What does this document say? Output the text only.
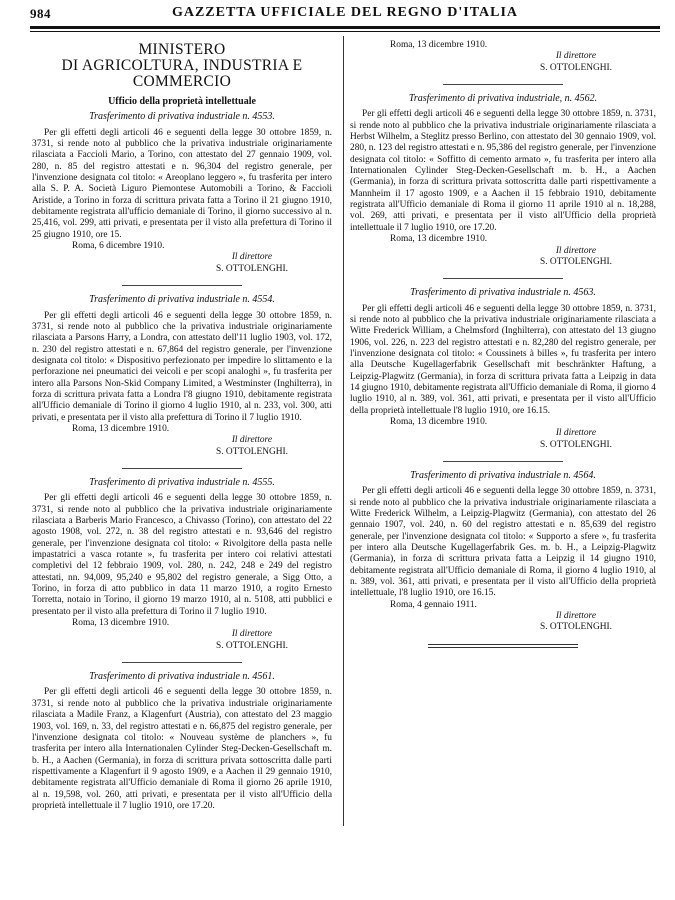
984	GAZZETTA UFFICIALE DEL REGNO D'ITALIA
MINISTERO
DI AGRICOLTURA, INDUSTRIA E COMMERCIO
Ufficio della proprietà intellettuale
Trasferimento di privativa industriale n. 4553.

Per gli effetti degli articoli 46 e seguenti della legge 30 ottobre 1859, n. 3731, si rende noto al pubblico che la privativa industriale originariamente rilasciata a Faccioli Mario, a Torino, con attestato del 27 gennaio 1909, vol. 280, n. 85 del registro attestati e n. 96,304 del registro generale, per l'invenzione designata col titolo: « Areoplano leggero », fu trasferita per intero alla S. P. A. Società Liguro Piemontese Automobili a Torino, & Faccioli Aristide, a Torino in forza di scrittura privata fatta a Torino il 21 giugno 1910, debitamente registrata all'ufficio demaniale di Torino, il giorno successivo al n. 25,416, vol. 299, atti privati, e presentata per il visto alla prefettura di Torino il 25 giugno 1910, ore 15.

Roma, 6 dicembre 1910.

Il direttore
S. OTTOLENGHI.
Trasferimento di privativa industriale n. 4554.

Per gli effetti degli articoli 46 e seguenti della legge 30 ottobre 1859, n. 3731, si rende noto al pubblico che la privativa industriale originariamente rilasciata a Parsons Harry, a Londra, con attestato dell'11 luglio 1903, vol. 172, n. 230 del registro attestati e n. 67,864 del registro generale, per l'invenzione designata col titolo: « Dispositivo perfezionato per impedire lo slittamento e la perforazione nei pneumatici dei veicoli e per scopi analoghi », fu trasferita per intero alla Parsons Non-Skid Company Limited, a Westminster (Inghilterra), in forza di scrittura privata fatta a Londra l'8 giugno 1910, debitamente registrata all'Ufficio demaniale di Torino il giorno 4 luglio 1910, al n. 233, vol. 300, atti privati, e presentata per il visto alla prefettura di Torino il 7 luglio 1910.

Roma, 13 dicembre 1910.

Il direttore
S. OTTOLENGHI.
Trasferimento di privativa industriale n. 4555.

Per gli effetti degli articoli 46 e seguenti della legge 30 ottobre 1859, n. 3731, si rende noto al pubblico che la privativa industriale originariamente rilasciata a Barberis Mario Francesco, a Chivasso (Torino), con attestato del 22 agosto 1908, vol. 272, n. 38 del registro attestati e n. 93,646 del registro generale, per l'invenzione designata col titolo: « Rivolgitore della pasta nelle impastatrici a vasca rotante », fu trasferita per intero coi relativi attestati completivi del 12 febbraio 1909, vol. 280, n. 242, 248 e 249 del registro attestati, nn. 94,009, 95,240 e 95,802 del registro generale, a Sigg Otto, a Torino, in forza di atto pubblico in data 11 marzo 1910, a rogito Ernesto Torretta, notaio in Torino, il giorno 19 marzo 1910, al n. 5108, atti pubblici e presentato per il visto alla prefettura di Torino il 7 luglio 1910.

Roma, 13 dicembre 1910.

Il direttore
S. OTTOLENGHI.
Trasferimento di privativa industriale n. 4561.

Per gli effetti degli articoli 46 e seguenti della legge 30 ottobre 1859, n. 3731, si rende noto al pubblico che la privativa industriale originariamente rilasciata a Madile Franz, a Klagenfurt (Austria), con attestato del 23 maggio 1903, vol. 169, n. 33, del registro attestati e n. 66,875 del registro generale, per l'invenzione designata col titolo: « Nouveau système de planchers », fu trasferita per intero alla Internationalen Cylinder Steg-Decken-Gesellschaft m. b. H., a Aachen (Germania), in forza di scrittura privata sottoscritta dalle parti rispettivamente a Klagenfurt il 9 agosto 1909, e a Aachen il 29 gennaio 1910, debitamente registrata all'Ufficio demaniale di Roma il giorno 26 aprile 1910, al n. 19,598, vol. 260, atti privati, e presentata per il visto all'Ufficio della proprietà intellettuale il 7 luglio 1910, ore 17.20.

Roma, 13 dicembre 1910.

Il direttore
S. OTTOLENGHI.
Trasferimento di privativa industriale, n. 4562.

Per gli effetti degli articoli 46 e seguenti della legge 30 ottobre 1859, n. 3731, si rende noto al pubblico che la privativa industriale originariamente rilasciata a Herbst Wilhelm, a Steglitz presso Berlino, con attestato del 30 gennaio 1909, vol. 280, n. 123 del registro attestati e n. 95,386 del registro generale, per l'invenzione designata col titolo: « Soffitto di cemento armato », fu trasferita per intero alla Internationalen Cylinder Steg-Decken-Gesellschaft m. b. H., a Aachen (Germania), in forza di scrittura privata sottoscritta dalle parti rispettivamente a Mannheim il 17 agosto 1909, e a Aachen il 15 febbraio 1910, debitamente registrata all'Ufficio demaniale di Roma il giorno 11 aprile 1910 al n. 18,288, vol. 269, atti privati, e presentata per il visto all'Ufficio della proprietà intellettuale il 7 luglio 1910, ore 17.20.

Roma, 13 dicembre 1910.

Il direttore
S. OTTOLENGHI.
Trasferimento di privativa industriale n. 4563.

Per gli effetti degli articoli 46 e seguenti della legge 30 ottobre 1859, n. 3731, si rende noto al pubblico che la privativa industriale originariamente rilasciata a Witte Frederick William, a Chelmsford (Inghilterra), con attestato del 13 giugno 1906, vol. 226, n. 223 del registro attestati e n. 82,280 del registro generale, per l'invenzione designata col titolo: « Coussinets à billes », fu trasferita per intero alla Deutsche Kugellagerfabrik Gesellschaft mit beschränkter Haftung, a Leipzig-Plagwitz (Germania), in forza di scrittura privata fatta a Leipzig in data 14 giugno 1910, debitamente registrata all'Ufficio demaniale di Roma, il giorno 4 luglio 1910, al n. 389, vol. 361, atti privati, e presentata per il visto all'Ufficio della proprietà intellettuale l'8 luglio 1910, ore 16.15.

Roma, 13 dicembre 1910.

Il direttore
S. OTTOLENGHI.
Trasferimento di privativa industriale n. 4564.

Per gli effetti degli articoli 46 e seguenti della legge 30 ottobre 1859, n. 3731, si rende noto al pubblico che la privativa industriale originariamente rilasciata a Witte Frederick Wilhelm, a Leipzig-Plagwitz (Germania), con attestato del 26 gennaio 1907, vol. 240, n. 60 del registro attestati e n. 85,639 del registro generale, per l'invenzione designata col titolo: « Supporto a sfere », fu trasferita per intero alla Deutsche Kugellagerfabrik Ges. m. b. H., a Leipzig-Plagwitz (Germania), in forza di scrittura privata fatta a Leipzig il 14 giugno 1910, debitamente registrata all'Ufficio demaniale di Roma, il giorno 4 luglio 1910, al n. 389, vol. 361, atti privati, e presentata per il visto all'Ufficio della proprietà intellettuale, l'8 luglio 1910, ore 16.15.

Roma, 4 gennaio 1911.

Il direttore
S. OTTOLENGHI.
